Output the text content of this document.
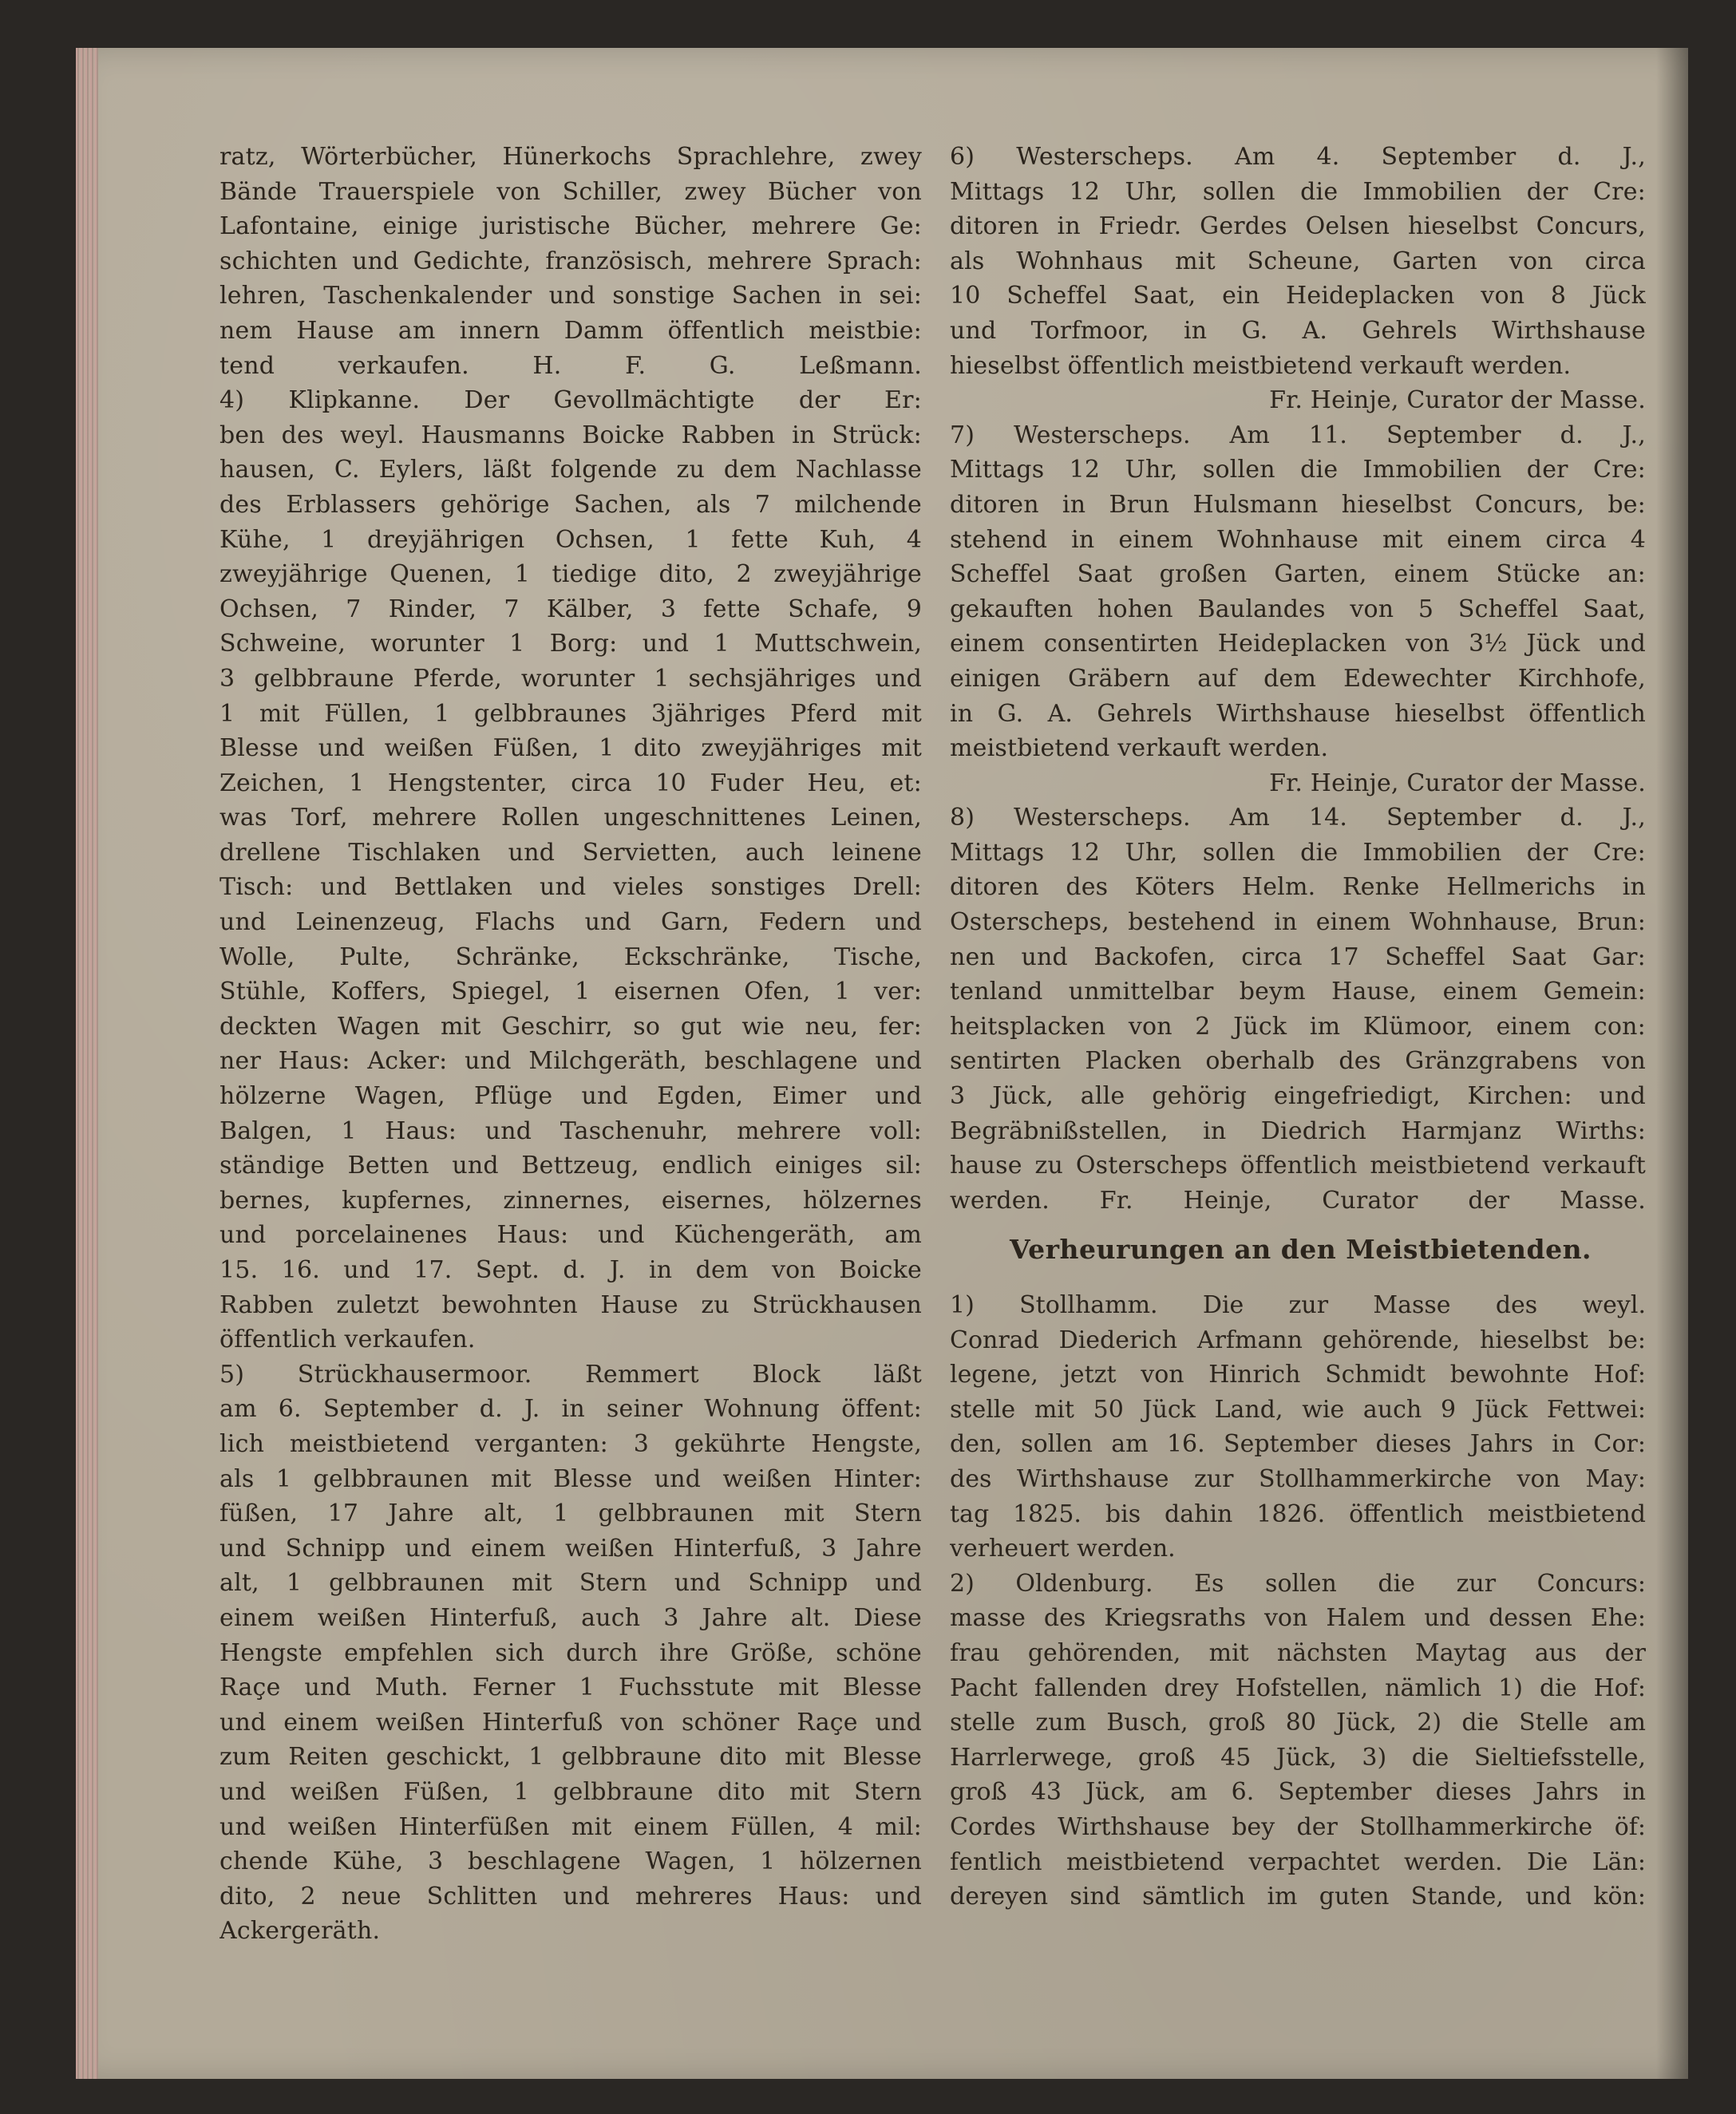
ratz, Wörterbücher, Hünerkochs Sprachlehre, zwey
Bände Trauerspiele von Schiller, zwey Bücher von
Lafontaine, einige juristische Bücher, mehrere Ge:
schichten und Gedichte, französisch, mehrere Sprach:
lehren, Taschenkalender und sonstige Sachen in sei:
nem Hause am innern Damm öffentlich meistbie:
tend verkaufen. H. F. G. Leßmann.
4) Klipkanne. Der Gevollmächtigte der Er:
ben des weyl. Hausmanns Boicke Rabben in Strück:
hausen, C. Eylers, läßt folgende zu dem Nachlasse
des Erblassers gehörige Sachen, als 7 milchende
Kühe, 1 dreyjährigen Ochsen, 1 fette Kuh, 4
zweyjährige Quenen, 1 tiedige dito, 2 zweyjährige
Ochsen, 7 Rinder, 7 Kälber, 3 fette Schafe, 9
Schweine, worunter 1 Borg: und 1 Muttschwein,
3 gelbbraune Pferde, worunter 1 sechsjähriges und
1 mit Füllen, 1 gelbbraunes 3jähriges Pferd mit
Blesse und weißen Füßen, 1 dito zweyjähriges mit
Zeichen, 1 Hengstenter, circa 10 Fuder Heu, et:
was Torf, mehrere Rollen ungeschnittenes Leinen,
drellene Tischlaken und Servietten, auch leinene
Tisch: und Bettlaken und vieles sonstiges Drell:
und Leinenzeug, Flachs und Garn, Federn und
Wolle, Pulte, Schränke, Eckschränke, Tische,
Stühle, Koffers, Spiegel, 1 eisernen Ofen, 1 ver:
deckten Wagen mit Geschirr, so gut wie neu, fer:
ner Haus: Acker: und Milchgeräth, beschlagene und
hölzerne Wagen, Pflüge und Egden, Eimer und
Balgen, 1 Haus: und Taschenuhr, mehrere voll:
ständige Betten und Bettzeug, endlich einiges sil:
bernes, kupfernes, zinnernes, eisernes, hölzernes
und porcelainenes Haus: und Küchengeräth, am
15. 16. und 17. Sept. d. J. in dem von Boicke
Rabben zuletzt bewohnten Hause zu Strückhausen
öffentlich verkaufen.
5) Strückhausermoor. Remmert Block läßt
am 6. September d. J. in seiner Wohnung öffent:
lich meistbietend verganten: 3 gekührte Hengste,
als 1 gelbbraunen mit Blesse und weißen Hinter:
füßen, 17 Jahre alt, 1 gelbbraunen mit Stern
und Schnipp und einem weißen Hinterfuß, 3 Jahre
alt, 1 gelbbraunen mit Stern und Schnipp und
einem weißen Hinterfuß, auch 3 Jahre alt. Diese
Hengste empfehlen sich durch ihre Größe, schöne
Raçe und Muth. Ferner 1 Fuchsstute mit Blesse
und einem weißen Hinterfuß von schöner Raçe und
zum Reiten geschickt, 1 gelbbraune dito mit Blesse
und weißen Füßen, 1 gelbbraune dito mit Stern
und weißen Hinterfüßen mit einem Füllen, 4 mil:
chende Kühe, 3 beschlagene Wagen, 1 hölzernen
dito, 2 neue Schlitten und mehreres Haus: und
Ackergeräth.
6) Westerscheps. Am 4. September d. J.,
Mittags 12 Uhr, sollen die Immobilien der Cre:
ditoren in Friedr. Gerdes Oelsen hieselbst Concurs,
als Wohnhaus mit Scheune, Garten von circa
10 Scheffel Saat, ein Heideplacken von 8 Jück
und Torfmoor, in G. A. Gehrels Wirthshause
hieselbst öffentlich meistbietend verkauft werden.
Fr. Heinje, Curator der Masse.
7) Westerscheps. Am 11. September d. J.,
Mittags 12 Uhr, sollen die Immobilien der Cre:
ditoren in Brun Hulsmann hieselbst Concurs, be:
stehend in einem Wohnhause mit einem circa 4
Scheffel Saat großen Garten, einem Stücke an:
gekauften hohen Baulandes von 5 Scheffel Saat,
einem consentirten Heideplacken von 3½ Jück und
einigen Gräbern auf dem Edewechter Kirchhofe,
in G. A. Gehrels Wirthshause hieselbst öffentlich
meistbietend verkauft werden.
Fr. Heinje, Curator der Masse.
8) Westerscheps. Am 14. September d. J.,
Mittags 12 Uhr, sollen die Immobilien der Cre:
ditoren des Köters Helm. Renke Hellmerichs in
Osterscheps, bestehend in einem Wohnhause, Brun:
nen und Backofen, circa 17 Scheffel Saat Gar:
tenland unmittelbar beym Hause, einem Gemein:
heitsplacken von 2 Jück im Klümoor, einem con:
sentirten Placken oberhalb des Gränzgrabens von
3 Jück, alle gehörig eingefriedigt, Kirchen: und
Begräbnißstellen, in Diedrich Harmjanz Wirths:
hause zu Osterscheps öffentlich meistbietend verkauft
werden. Fr. Heinje, Curator der Masse.
Verheurungen an den Meistbietenden.
1) Stollhamm. Die zur Masse des weyl.
Conrad Diederich Arfmann gehörende, hieselbst be:
legene, jetzt von Hinrich Schmidt bewohnte Hof:
stelle mit 50 Jück Land, wie auch 9 Jück Fettwei:
den, sollen am 16. September dieses Jahrs in Cor:
des Wirthshause zur Stollhammerkirche von May:
tag 1825. bis dahin 1826. öffentlich meistbietend
verheuert werden.
2) Oldenburg. Es sollen die zur Concurs:
masse des Kriegsraths von Halem und dessen Ehe:
frau gehörenden, mit nächsten Maytag aus der
Pacht fallenden drey Hofstellen, nämlich 1) die Hof:
stelle zum Busch, groß 80 Jück, 2) die Stelle am
Harrlerwege, groß 45 Jück, 3) die Sieltiefsstelle,
groß 43 Jück, am 6. September dieses Jahrs in
Cordes Wirthshause bey der Stollhammerkirche öf:
fentlich meistbietend verpachtet werden. Die Län:
dereyen sind sämtlich im guten Stande, und kön:
